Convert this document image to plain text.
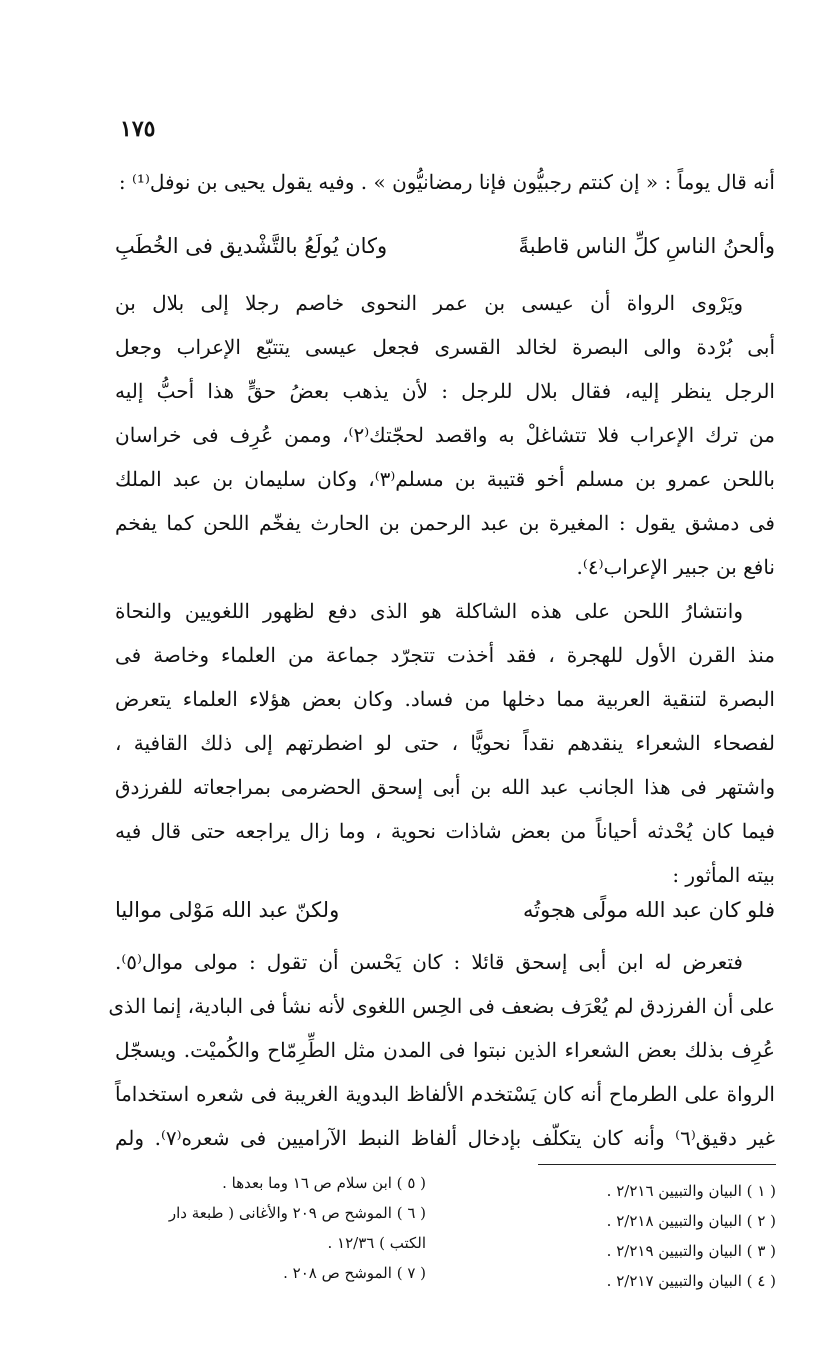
١٧٥
أنه قال يوماً : « إن كنتم رجبيُّون فإنا رمضانيُّون » . وفيه يقول يحيى بن نوفل⁽¹⁾ :
وألحنُ الناسِ كلِّ الناس قاطبةً
وكان يُولَعُ بالتَّشْديق فى الخُطَبِ
ويَرْوى الرواة أن عيسى بن عمر النحوى خاصم رجلا إلى بلال بن
أبى بُرْدة والى البصرة لخالد القسرى فجعل عيسى يتتبّع الإعراب وجعل
الرجل ينظر إليه، فقال بلال للرجل : لأن يذهب بعضُ حقٍّ هذا أحبُّ إليه
من ترك الإعراب فلا تتشاغلْ به واقصد لحجّتك⁽٢⁾، وممن عُرِف فى خراسان
باللحن عمرو بن مسلم أخو قتيبة بن مسلم⁽٣⁾، وكان سليمان بن عبد الملك
فى دمشق يقول : المغيرة بن عبد الرحمن بن الحارث يفخّم اللحن كما يفخم
نافع بن جبير الإعراب⁽٤⁾.
وانتشارُ اللحن على هذه الشاكلة هو الذى دفع لظهور اللغويين والنحاة
منذ القرن الأول للهجرة ، فقد أخذت تتجرّد جماعة من العلماء وخاصة فى
البصرة لتنقية العربية مما دخلها من فساد. وكان بعض هؤلاء العلماء يتعرض
لفصحاء الشعراء ينقدهم نقداً نحويًّا ، حتى لو اضطرتهم إلى ذلك القافية ،
واشتهر فى هذا الجانب عبد الله بن أبى إسحق الحضرمى بمراجعاته للفرزدق
فيما كان يُحْدثه أحياناً من بعض شاذات نحوية ، وما زال يراجعه حتى قال فيه
بيته المأثور :
فلو كان عبد الله مولًى هجوتُه
ولكنّ عبد الله مَوْلى مواليا
فتعرض له ابن أبى إسحق قائلا : كان يَحْسن أن تقول : مولى موال⁽٥⁾.
على أن الفرزدق لم يُعْرَف بضعف فى الحِس اللغوى لأنه نشأ فى البادية، إنما الذى
عُرِف بذلك بعض الشعراء الذين نبتوا فى المدن مثل الطِّرِمّاح والكُميْت. ويسجّل
الرواة على الطرماح أنه كان يَسْتخدم الألفاظ البدوية الغريبة فى شعره استخداماً
غير دقيق⁽٦⁾ وأنه كان يتكلّف بإدخال ألفاظ النبط الآراميين فى شعره⁽٧⁾. ولم
( ١ ) البيان والتبيين ٢/٢١٦ .
( ٢ ) البيان والتبيين ٢/٢١٨ .
( ٣ ) البيان والتبيين ٢/٢١٩ .
( ٤ ) البيان والتبيين ٢/٢١٧ .
( ٥ ) ابن سلام ص ١٦ وما بعدها .
( ٦ ) الموشح ص ٢٠٩ والأغانى ( طبعة دار
الكتب ) ١٢/٣٦ .
( ٧ ) الموشح ص ٢٠٨ .
